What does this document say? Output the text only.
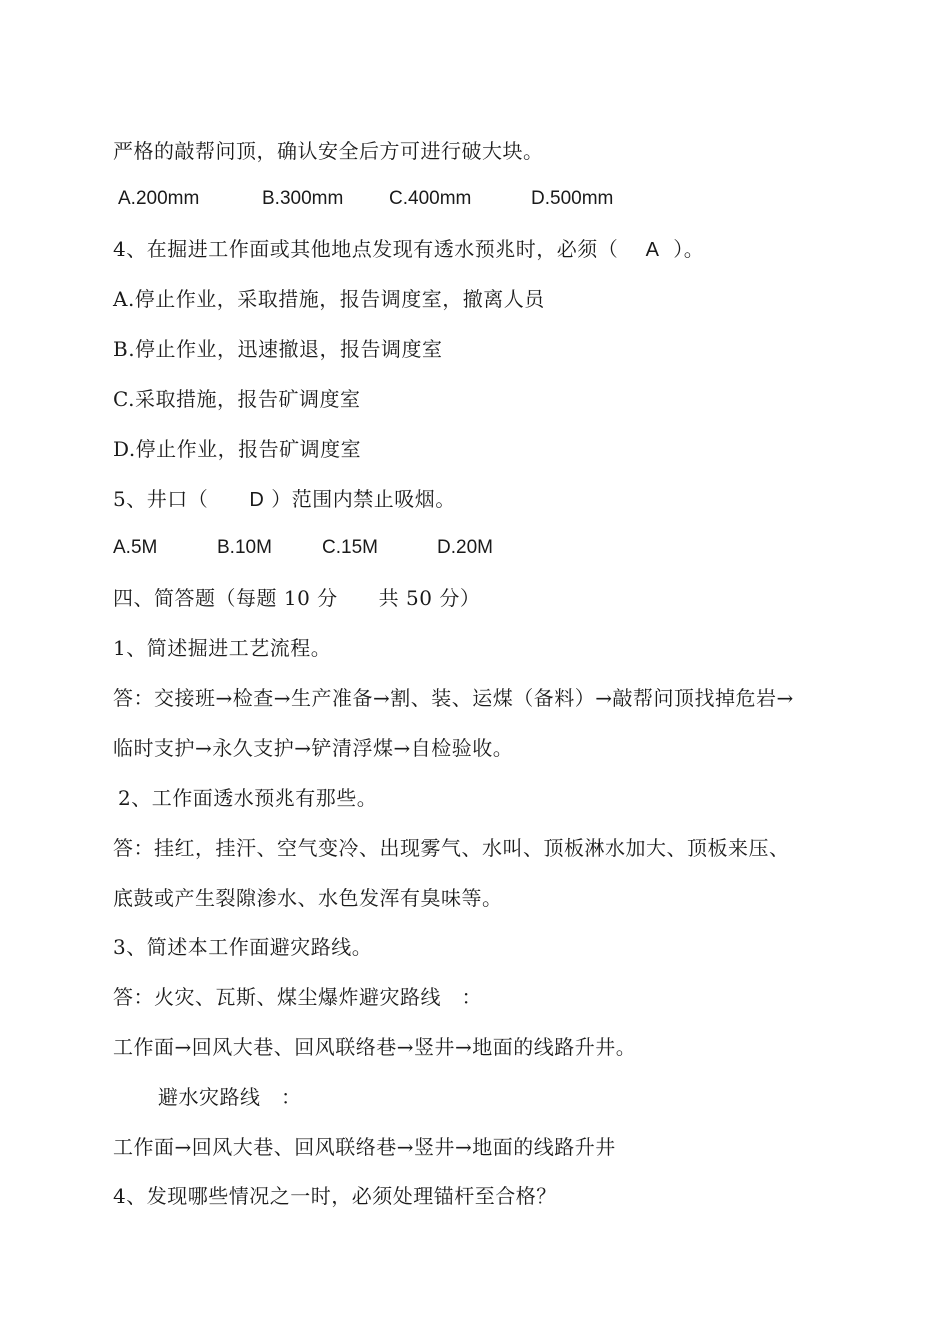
严格的敲帮问顶，确认安全后方可进行破大块。
A.200mm	B.300mm C.400mm	D.500mm
4、在掘进工作面或其他地点发现有透水预兆时，必须（ A ）。
A.停止作业，采取措施，报告调度室，撤离人员
B.停止作业，迅速撤退，报告调度室
C.采取措施，报告矿调度室
D.停止作业，报告矿调度室
5、井口（ D ）范围内禁止吸烟。
A.5M	B.10M	C.15M	D.20M
四、简答题（每题 10 分　　共 50 分）
1、简述掘进工艺流程。
答：交接班→检查→生产准备→割、装、运煤（备料）→敲帮问顶找掉危岩→
临时支护→永久支护→铲清浮煤→自检验收。
2、工作面透水预兆有那些。
答：挂红，挂汗、空气变冷、出现雾气、水叫、顶板淋水加大、顶板来压、
底鼓或产生裂隙渗水、水色发浑有臭味等。
3、简述本工作面避灾路线。
答：火灾、瓦斯、煤尘爆炸避灾路线　：
工作面→回风大巷、回风联络巷→竖井→地面的线路升井。
避水灾路线　：
工作面→回风大巷、回风联络巷→竖井→地面的线路升井
4、发现哪些情况之一时，必须处理锚杆至合格？
